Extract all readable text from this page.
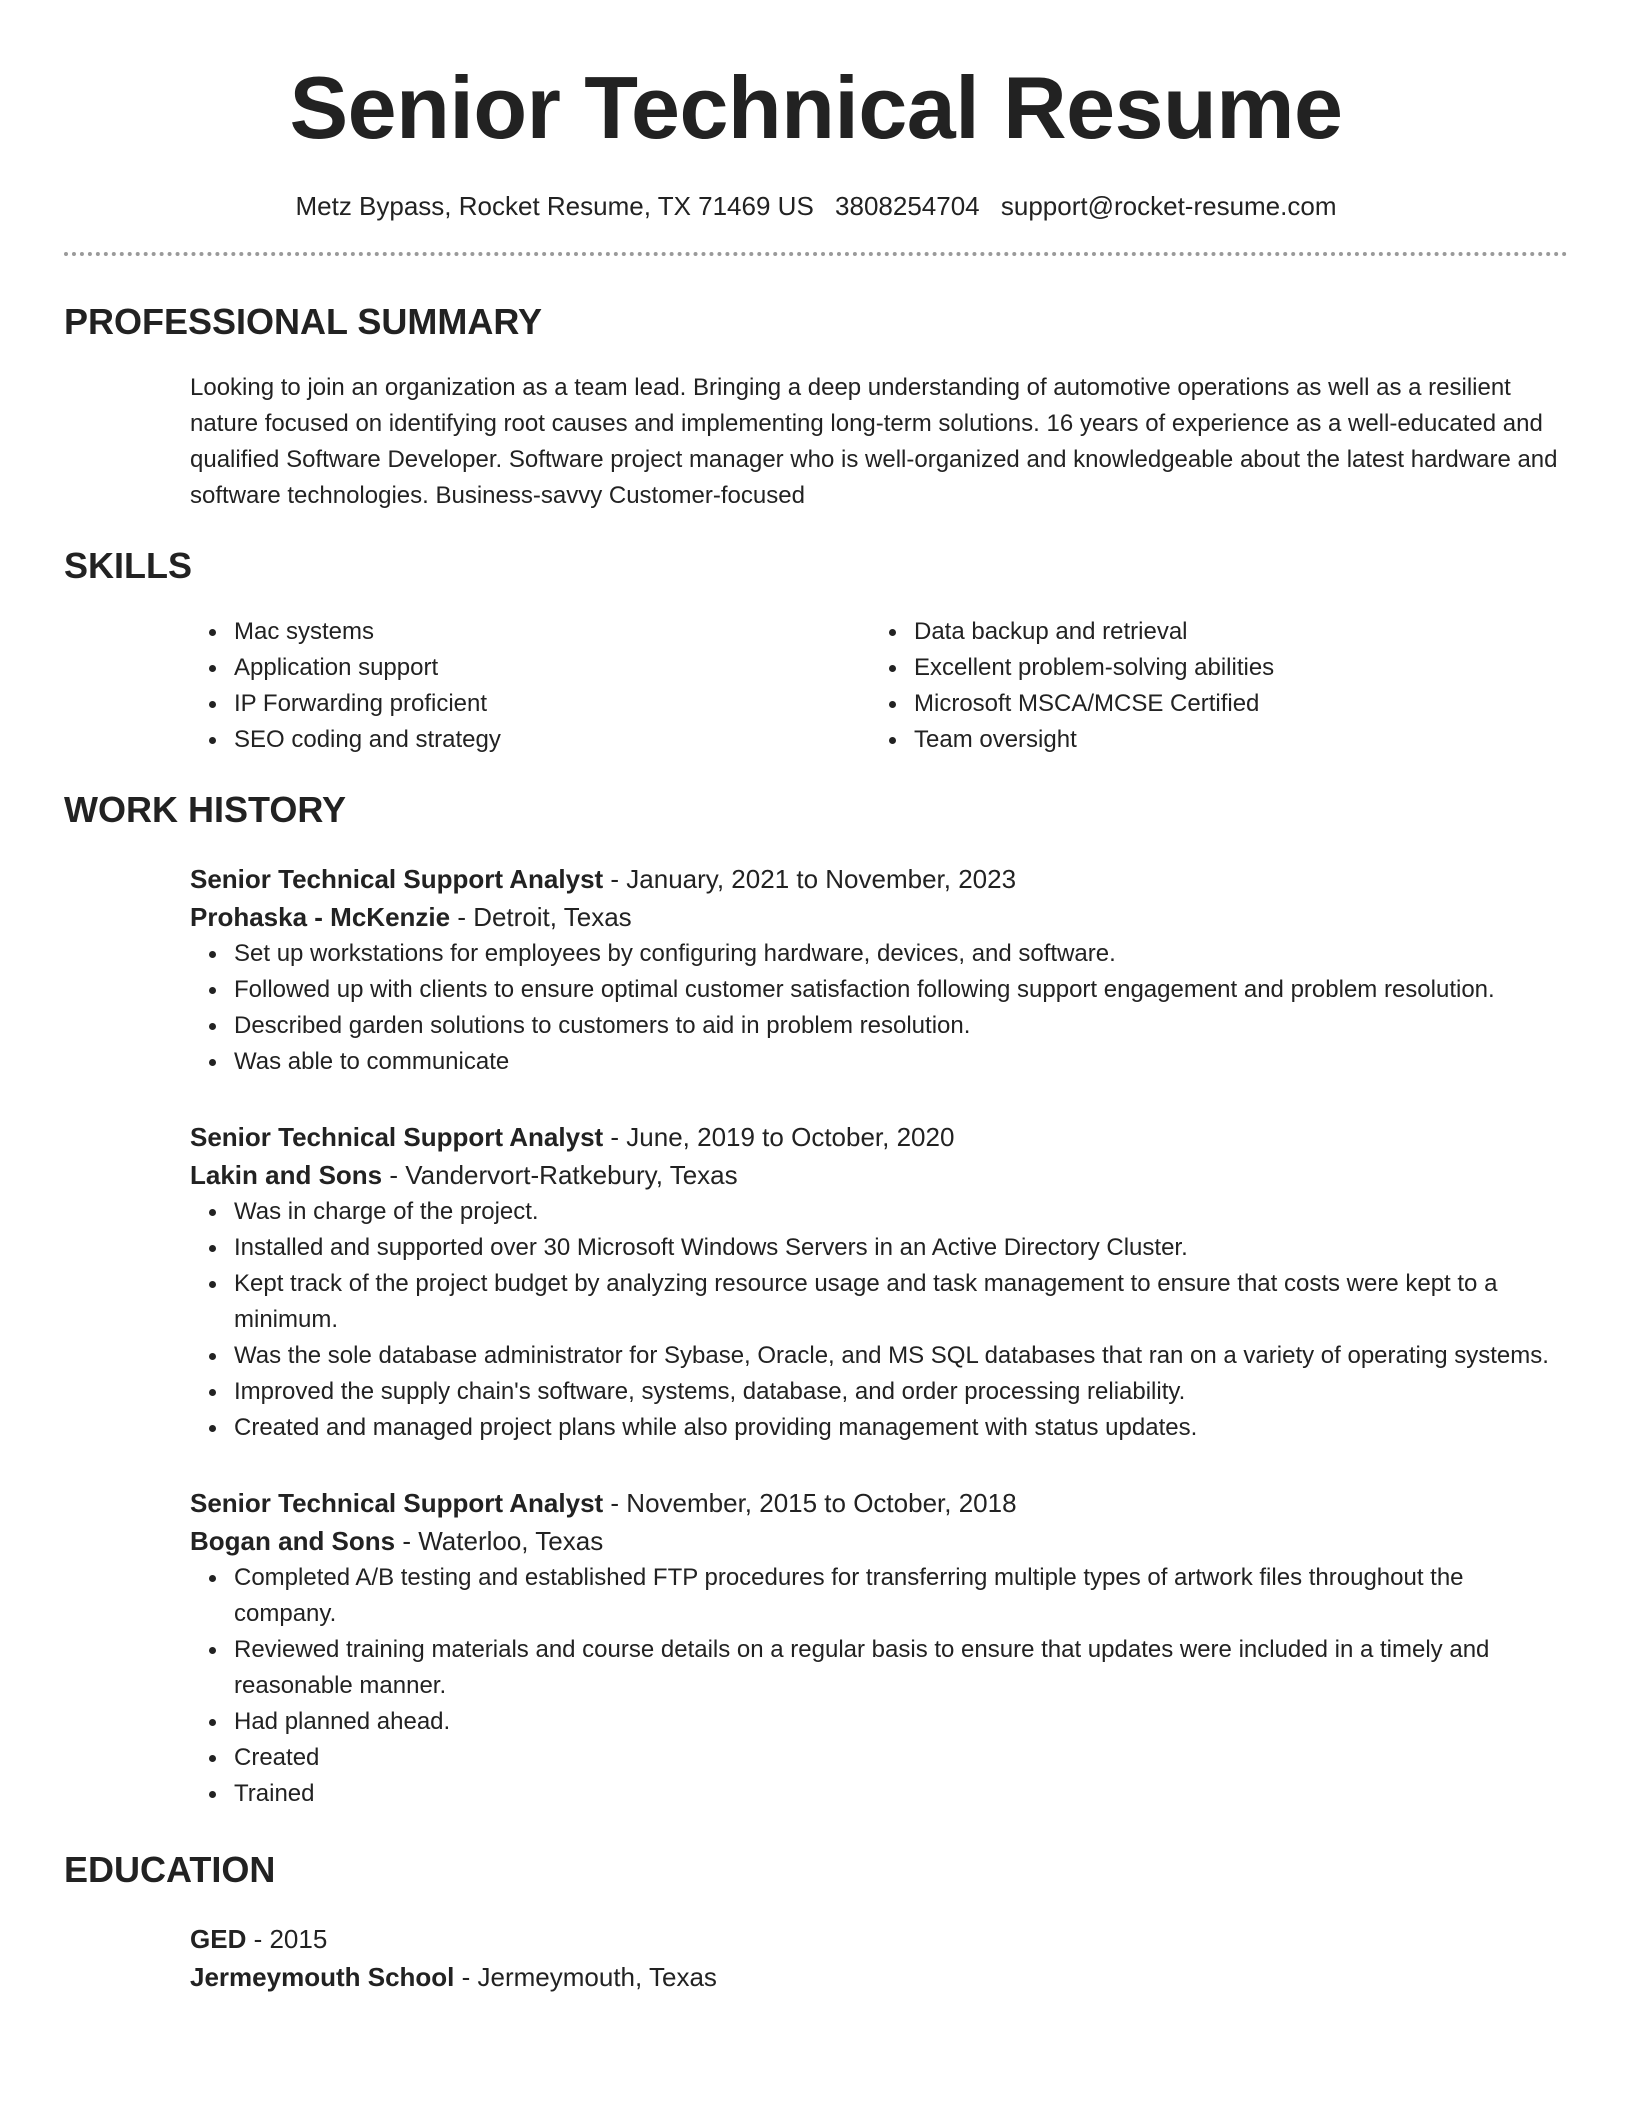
Senior Technical Resume
Metz Bypass, Rocket Resume, TX 71469 US 3808254704 support@rocket-resume.com
PROFESSIONAL SUMMARY
Looking to join an organization as a team lead. Bringing a deep understanding of automotive operations as well as a resilient nature focused on identifying root causes and implementing long-term solutions. 16 years of experience as a well-educated and qualified Software Developer. Software project manager who is well-organized and knowledgeable about the latest hardware and software technologies. Business-savvy Customer-focused
SKILLS
Mac systems
Application support
IP Forwarding proficient
SEO coding and strategy
Data backup and retrieval
Excellent problem-solving abilities
Microsoft MSCA/MCSE Certified
Team oversight
WORK HISTORY
Senior Technical Support Analyst - January, 2021 to November, 2023
Prohaska - McKenzie - Detroit, Texas
Set up workstations for employees by configuring hardware, devices, and software.
Followed up with clients to ensure optimal customer satisfaction following support engagement and problem resolution.
Described garden solutions to customers to aid in problem resolution.
Was able to communicate
Senior Technical Support Analyst - June, 2019 to October, 2020
Lakin and Sons - Vandervort-Ratkebury, Texas
Was in charge of the project.
Installed and supported over 30 Microsoft Windows Servers in an Active Directory Cluster.
Kept track of the project budget by analyzing resource usage and task management to ensure that costs were kept to a minimum.
Was the sole database administrator for Sybase, Oracle, and MS SQL databases that ran on a variety of operating systems.
Improved the supply chain's software, systems, database, and order processing reliability.
Created and managed project plans while also providing management with status updates.
Senior Technical Support Analyst - November, 2015 to October, 2018
Bogan and Sons - Waterloo, Texas
Completed A/B testing and established FTP procedures for transferring multiple types of artwork files throughout the company.
Reviewed training materials and course details on a regular basis to ensure that updates were included in a timely and reasonable manner.
Had planned ahead.
Created
Trained
EDUCATION
GED - 2015
Jermeymouth School - Jermeymouth, Texas
